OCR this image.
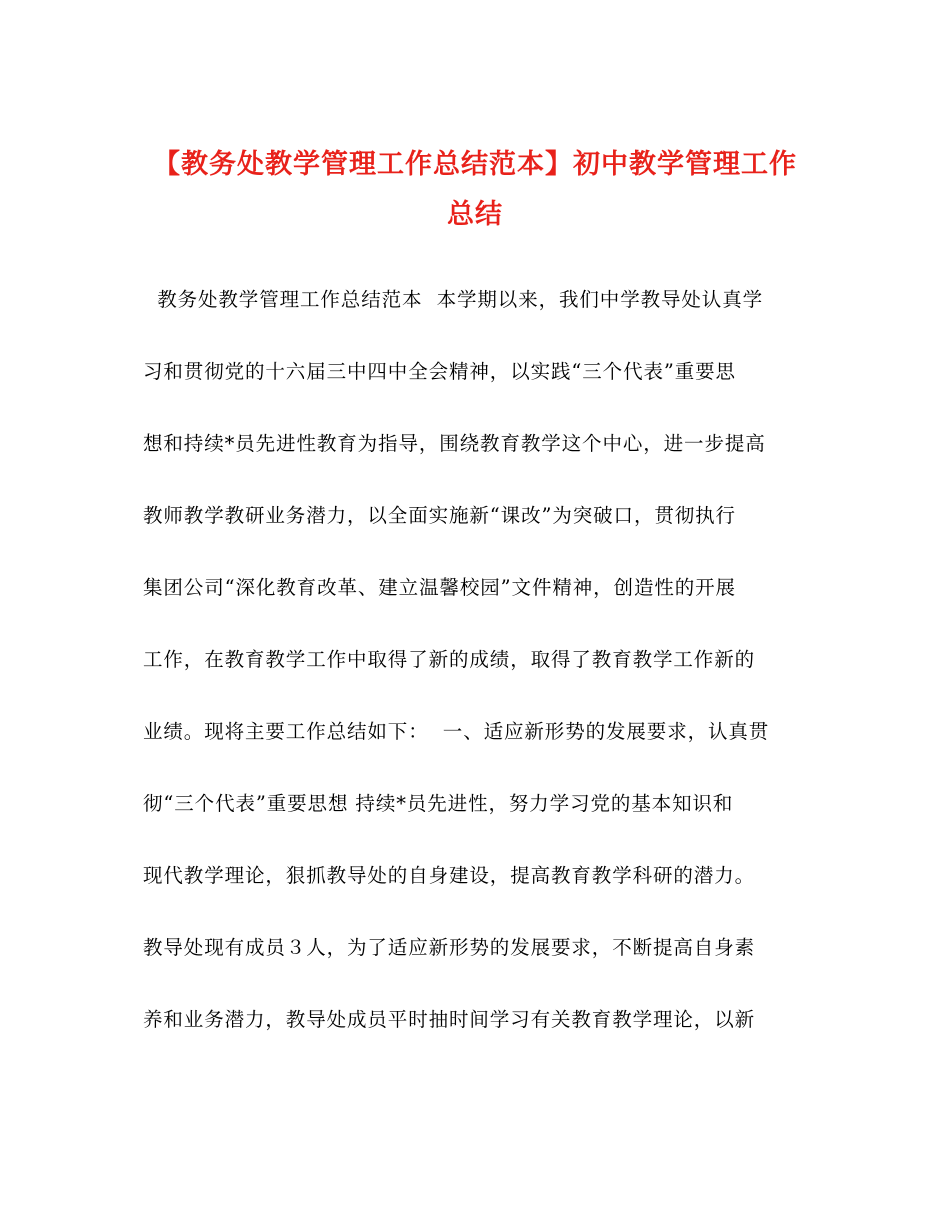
【教务处教学管理工作总结范本】初中教学管理工作
总结
教务处教学管理工作总结范本  本学期以来，我们中学教导处认真学
习和贯彻党的十六届三中四中全会精神，以实践“三个代表”重要思
想和持续*员先进性教育为指导，围绕教育教学这个中心，进一步提高
教师教学教研业务潜力，以全面实施新“课改”为突破口，贯彻执行
集团公司“深化教育改革、建立温馨校园”文件精神，创造性的开展
工作，在教育教学工作中取得了新的成绩，取得了教育教学工作新的
业绩。现将主要工作总结如下：  一、适应新形势的发展要求，认真贯
彻“三个代表”重要思想 持续*员先进性，努力学习党的基本知识和
现代教学理论，狠抓教导处的自身建设，提高教育教学科研的潜力。
教导处现有成员３人，为了适应新形势的发展要求，不断提高自身素
养和业务潜力，教导处成员平时抽时间学习有关教育教学理论，以新
